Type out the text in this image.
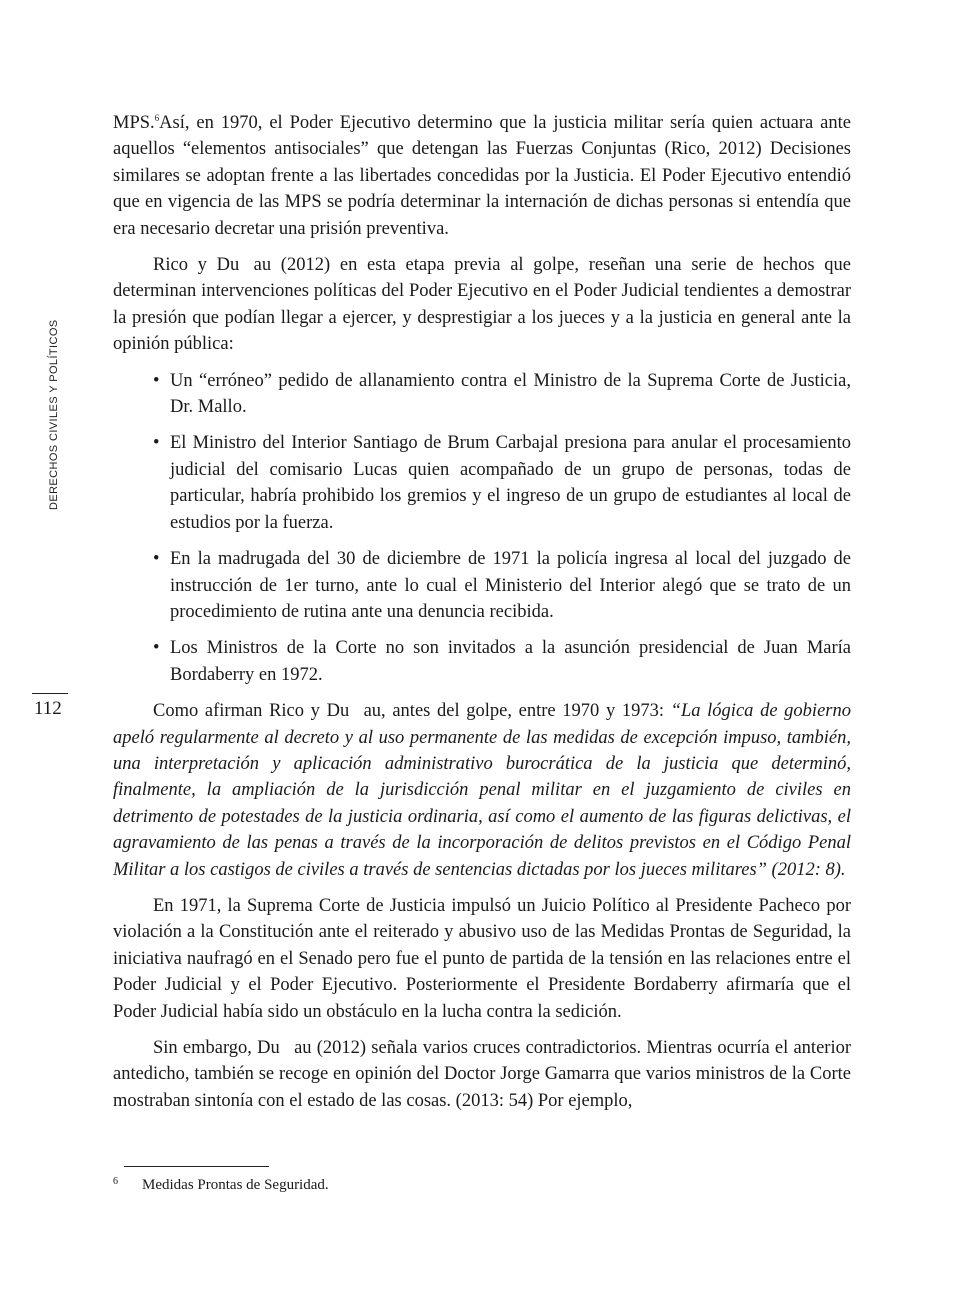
DERECHOS CIVILES Y POLÍTICOS
112

MPS.$^6$Así, en 1970, el Poder Ejecutivo determino que la justicia militar sería quien actuara ante aquellos “elementos antisociales” que detengan las Fuerzas Conjuntas (Rico, 2012) Decisiones similares se adoptan frente a las libertades concedidas por la Justicia. El Poder Ejecutivo entendió que en vigencia de las MPS se podría determinar la internación de dichas personas si entendía que era necesario decretar una prisión preventiva.

Rico y Du au (2012) en esta etapa previa al golpe, reseñan una serie de hechos que determinan intervenciones políticas del Poder Ejecutivo en el Poder Judicial tendientes a demostrar la presión que podían llegar a ejercer, y desprestigiar a los jueces y a la justicia en general ante la opinión pública:

• Un “erróneo” pedido de allanamiento contra el Ministro de la Suprema Corte de Justicia, Dr. Mallo.
• El Ministro del Interior Santiago de Brum Carbajal presiona para anular el procesamiento judicial del comisario Lucas quien acompañado de un grupo de personas, todas de particular, habría prohibido los gremios y el ingreso de un grupo de estudiantes al local de estudios por la fuerza.
• En la madrugada del 30 de diciembre de 1971 la policía ingresa al local del juzgado de instrucción de 1er turno, ante lo cual el Ministerio del Interior alegó que se trato de un procedimiento de rutina ante una denuncia recibida.
• Los Ministros de la Corte no son invitados a la asunción presidencial de Juan María Bordaberry en 1972.

Como afirman Rico y Du au, antes del golpe, entre 1970 y 1973: “La lógica de gobierno apeló regularmente al decreto y al uso permanente de las medidas de excepción impuso, también, una interpretación y aplicación administrativo burocrática de la justicia que determinó, finalmente, la ampliación de la jurisdicción penal militar en el juzgamiento de civiles en detrimento de potestades de la justicia ordinaria, así como el aumento de las figuras delictivas, el agravamiento de las penas a través de la incorporación de delitos previstos en el Código Penal Militar a los castigos de civiles a través de sentencias dictadas por los jueces militares” (2012: 8).

En 1971, la Suprema Corte de Justicia impulsó un Juicio Político al Presidente Pacheco por violación a la Constitución ante el reiterado y abusivo uso de las Medidas Prontas de Seguridad, la iniciativa naufragó en el Senado pero fue el punto de partida de la tensión en las relaciones entre el Poder Judicial y el Poder Ejecutivo. Posteriormente el Presidente Bordaberry afirmaría que el Poder Judicial había sido un obstáculo en la lucha contra la sedición.

Sin embargo, Du au (2012) señala varios cruces contradictorios. Mientras ocurría el anterior antedicho, también se recoge en opinión del Doctor Jorge Gamarra que varios ministros de la Corte mostraban sintonía con el estado de las cosas. (2013: 54) Por ejemplo,

6 Medidas Prontas de Seguridad.
